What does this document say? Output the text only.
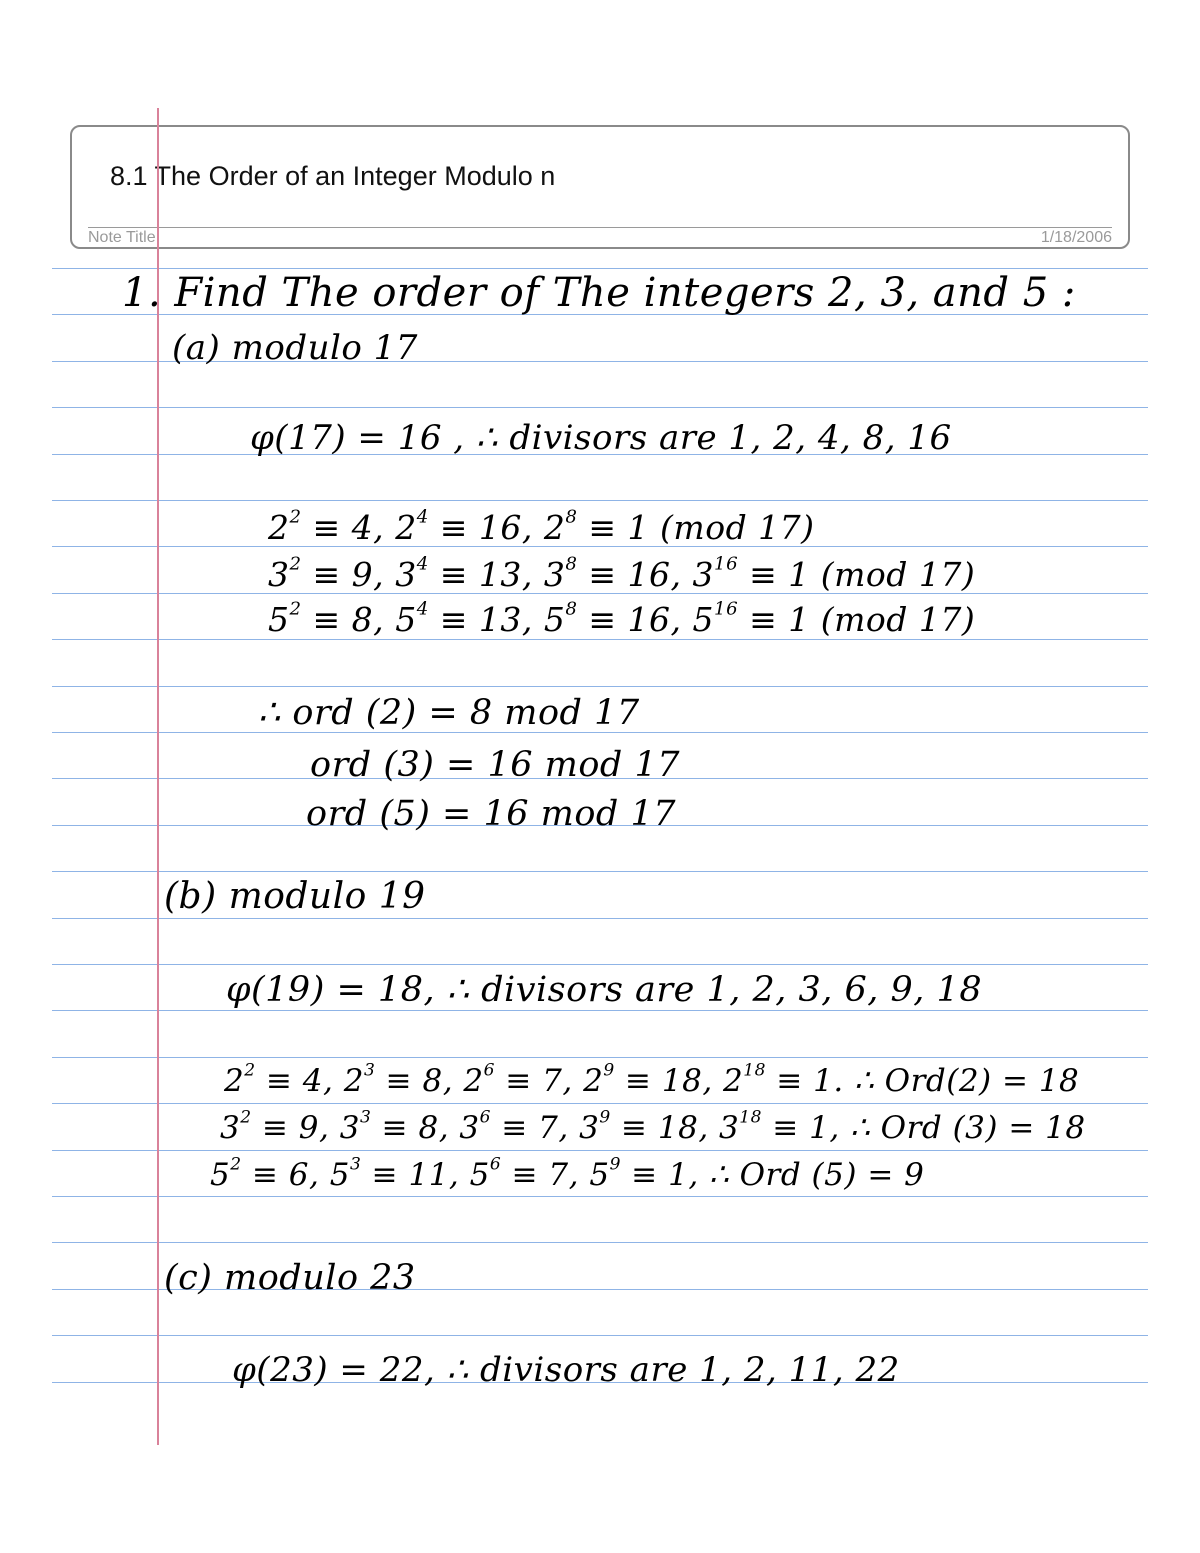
8.1 The Order of an Integer Modulo n
Note Title	1/18/2006
1. Find The order of The integers 2, 3, and 5 :
(a) modulo 17
φ(17) = 16 , ∴ divisors are 1, 2, 4, 8, 16
$2^2 \equiv 4$, $2^4 \equiv 16$, $2^8 \equiv 1$ (mod 17)
$3^2 \equiv 9$, $3^4 \equiv 13$, $3^8 \equiv 16$, $3^{16} \equiv 1$ (mod 17)
$5^2 \equiv 8$, $5^4 \equiv 13$, $5^8 \equiv 16$, $5^{16} \equiv 1$ (mod 17)
∴ ord (2) = 8 mod 17
ord (3) = 16 mod 17
ord (5) = 16 mod 17
(b) modulo 19
φ(19) = 18, ∴ divisors are 1, 2, 3, 6, 9, 18
$2^2 \equiv 4$, $2^3 \equiv 8$, $2^6 \equiv 7$, $2^9 \equiv 18$, $2^{18} \equiv 1$. ∴ Ord(2) = 18
$3^2 \equiv 9$, $3^3 \equiv 8$, $3^6 \equiv 7$, $3^9 \equiv 18$, $3^{18} \equiv 1$, ∴ Ord (3) = 18
$5^2 \equiv 6$, $5^3 \equiv 11$, $5^6 \equiv 7$, $5^9 \equiv 1$, ∴ Ord (5) = 9
(c) modulo 23
φ(23) = 22, ∴ divisors are 1, 2, 11, 22
